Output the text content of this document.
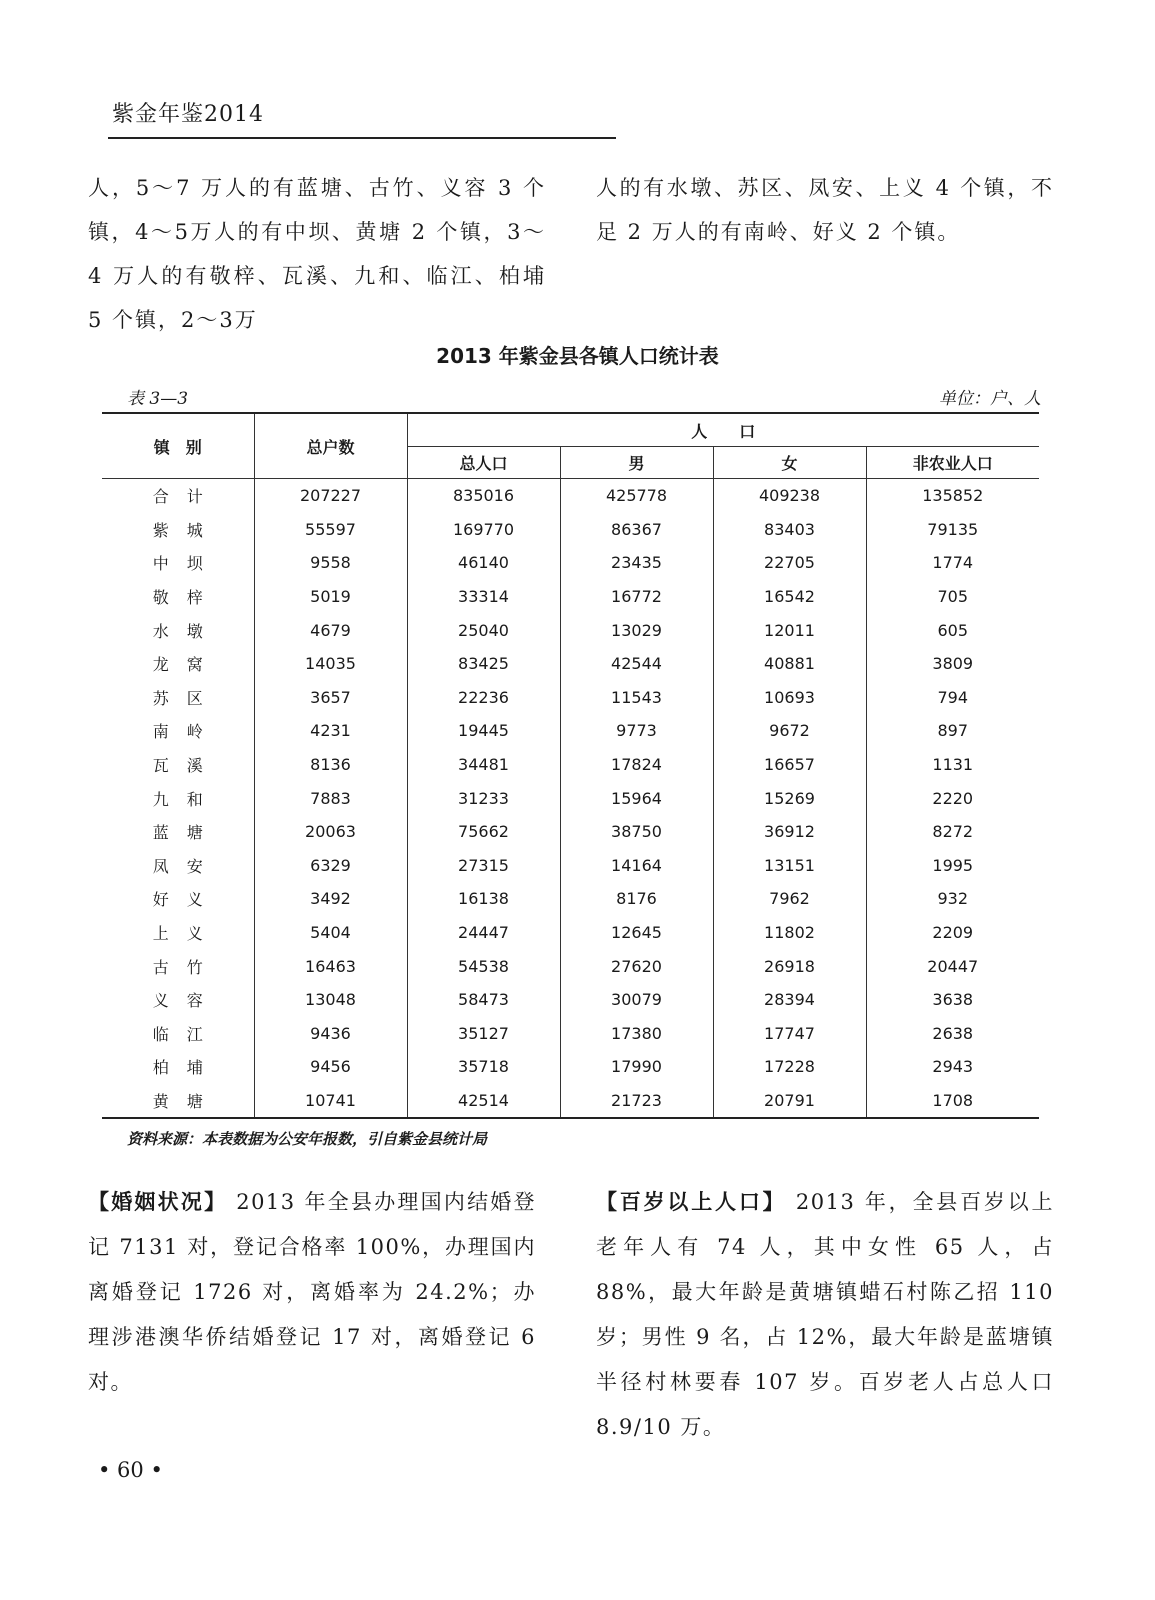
紫金年鉴2014
人，5～7 万人的有蓝塘、古竹、义容 3 个镇，4～5万人的有中坝、黄塘 2 个镇，3～4 万人的有敬梓、瓦溪、九和、临江、柏埔 5 个镇，2～3万
人的有水墩、苏区、凤安、上义 4 个镇，不足 2 万人的有南岭、好义 2 个镇。
2013 年紫金县各镇人口统计表
表 3—3	单位：户、人
镇　别	总户数	人　　口			
		总人口	男	女	非农业人口
合计	207227	835016	425778	409238	135852
紫城	55597	169770	86367	83403	79135
中坝	9558	46140	23435	22705	1774
敬梓	5019	33314	16772	16542	705
水墩	4679	25040	13029	12011	605
龙窝	14035	83425	42544	40881	3809
苏区	3657	22236	11543	10693	794
南岭	4231	19445	9773	9672	897
瓦溪	8136	34481	17824	16657	1131
九和	7883	31233	15964	15269	2220
蓝塘	20063	75662	38750	36912	8272
凤安	6329	27315	14164	13151	1995
好义	3492	16138	8176	7962	932
上义	5404	24447	12645	11802	2209
古竹	16463	54538	27620	26918	20447
义容	13048	58473	30079	28394	3638
临江	9436	35127	17380	17747	2638
柏埔	9456	35718	17990	17228	2943
黄塘	10741	42514	21723	20791	1708
资料来源：本表数据为公安年报数，引自紫金县统计局
【婚姻状况】 2013 年全县办理国内结婚登记 7131 对，登记合格率 100%，办理国内离婚登记 1726 对，离婚率为 24.2%；办理涉港澳华侨结婚登记 17 对，离婚登记 6 对。
【百岁以上人口】 2013 年，全县百岁以上老年人有 74 人，其中女性 65 人，占 88%，最大年龄是黄塘镇蜡石村陈乙招 110 岁；男性 9 名，占 12%，最大年龄是蓝塘镇半径村林要春 107 岁。百岁老人占总人口 8.9/10 万。
• 60 •
